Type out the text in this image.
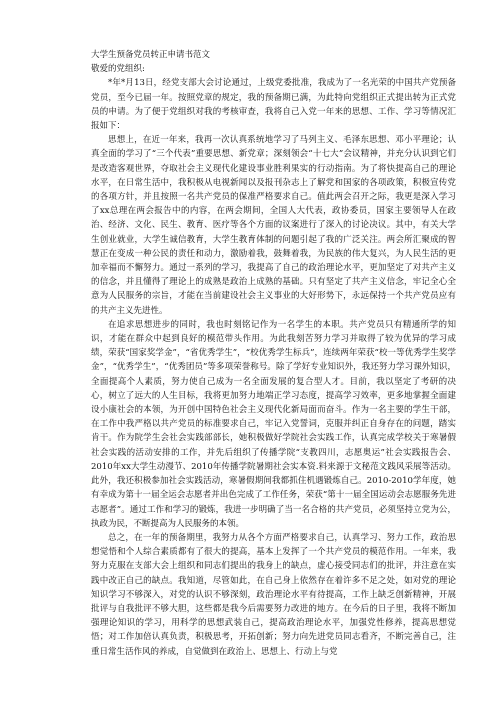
大学生预备党员转正申请书范文
敬爱的党组织:

*年*月13日，经党支部大会讨论通过，上级党委批准，我成为了一名光荣的中国共产党预备党员，至今已届一年。按照党章的规定，我的预备期已满，为此特向党组织正式提出转为正式党员的申请。为了便于党组织对我的考核审查，我将自己入党一年来的思想、工作、学习等情况汇报如下：

思想上，在近一年来，我再一次认真系统地学习了马列主义、毛泽东思想、邓小平理论；认真全面的学习了“三个代表”重要思想、新党章；深刻领会“十七大”会议精神，并充分认识到它们是改造客观世界，夺取社会主义现代化建设事业胜利果实的行动指南。为了将快提高自己的理论水平，在日常生活中，我积极从电视新闻以及报刊杂志上了解党和国家的各项政策，积极宣传党的各项方针，并且按照一名共产党员的保准严格要求自己。值此两会召开之际，我更是深入学习了xx总理在两会报告中的内容，在两会期间，全国人大代表，政协委员，国家主要领导人在政治、经济、文化、民生、教育、医疗等各个方面的议案进行了深入的讨论决议。其中，有关大学生创业就业，大学生诚信教育，大学生教育体制的问题引起了我的广泛关注。两会所汇聚成的智慧正在变成一种公民的责任和动力，激励着我，鼓舞着我，为民族的伟大复兴，为人民生活的更加幸福而不懈努力。通过一系列的学习，我提高了自己的政治理论水平，更加坚定了对共产主义的信念，并且懂得了理论上的成熟是政治上成熟的基础。只有坚定了共产主义信念，牢记全心全意为人民服务的宗旨，才能在当前建设社会主义事业的大好形势下，永远保持一个共产党员应有的共产主义先进性。

在追求思想进步的同时，我也时刻铭记作为一名学生的本职。共产党员只有精通所学的知识，才能在群众中起到良好的模范带头作用。为此我刻苦努力学习并取得了较为优异的学习成绩，荣获“国家奖学金”，“省优秀学生”，“校优秀学生标兵”，连续两年荣获“校一等优秀学生奖学金”，“优秀学生”，“优秀团员”等多项荣誉称号。除了学好专业知识外，我还努力学习课外知识，全面提高个人素质，努力使自己成为一名全面发展的复合型人才。目前，我以坚定了考研的决心，树立了远大的人生目标，我将更加努力地端正学习态度，提高学习效率，更多地掌握全面建设小康社会的本领，为开创中国特色社会主义现代化新局面而奋斗。作为一名主要的学生干部，在工作中我严格以共产党员的标准要求自己，牢记入党誓词，克服并纠正自身存在的问题，踏实肯干。作为院学生会社会实践部部长，她积极做好学院社会实践工作，认真完成学校关于寒暑假社会实践的活动安排的工作，并先后组织了传播学院“支教四川，志愿奥运”社会实践报告会、2010年xx大学生动漫节、2010年传播学院暑期社会实本资.料来源于文秘范文践风采展等活动。此外，我还积极参加社会实践活动，寒暑假期间我都抓住机遇锻炼自己。2010-2010学年度，她有幸成为第十一届全运会志愿者并出色完成了工作任务，荣获“第十一届全国运动会志愿服务先进志愿者”。通过工作和学习的锻炼，我进一步明确了当一名合格的共产党员，必须坚持立党为公，执政为民，不断提高为人民服务的本领。

总之，在一年的预备期里，我努力从各个方面严格要求自己，认真学习、努力工作，政治思想觉悟和个人综合素质都有了很大的提高，基本上发挥了一个共产党员的模范作用。一年来，我努力克服在支部大会上组织和同志们提出的我身上的缺点，虚心接受同志们的批评，并注意在实践中改正自己的缺点。我知道，尽管如此，在自己身上依然存在着许多不足之处，如对党的理论知识学习不够深入，对党的认识不够深刻，政治理论水平有待提高，工作上缺乏创新精神，开展批评与自我批评不够大胆，这些都是我今后需要努力改进的地方。在今后的日子里，我将不断加强理论知识的学习，用科学的思想武装自己，提高政治理论水平，加强党性修养，提高思想觉悟；对工作加倍认真负责，积极思考，开拓创新；努力向先进党员同志看齐，不断完善自己，注重日常生活作风的养成，自觉做到在政治上、思想上、行动上与党
